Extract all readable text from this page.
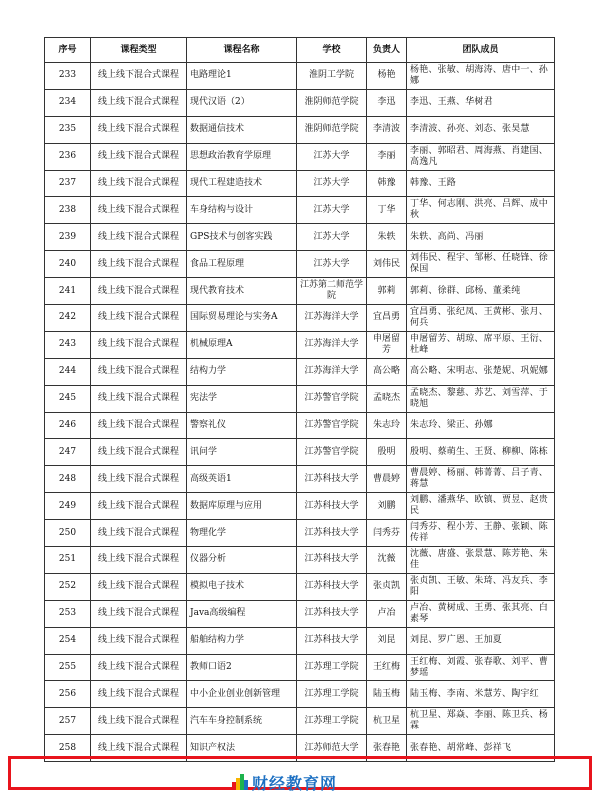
序号	课程类型	课程名称	学校	负责人	团队成员
233	线上线下混合式课程	电路理论1	淮阴工学院	杨艳	杨艳、张敏、胡海涛、唐中一、孙娜
234	线上线下混合式课程	现代汉语（2）	淮阴师范学院	李迅	李迅、王燕、华树君
235	线上线下混合式课程	数据通信技术	淮阴师范学院	李清波	李清波、孙亮、刘态、张昊慧
236	线上线下混合式课程	思想政治教育学原理	江苏大学	李丽	李丽、郭昭君、周海燕、肖建国、高逸凡
237	线上线下混合式课程	现代工程建造技术	江苏大学	韩豫	韩豫、王路
238	线上线下混合式课程	车身结构与设计	江苏大学	丁华	丁华、何志刚、洪亮、吕辉、成中秋
239	线上线下混合式课程	GPS技术与创客实践	江苏大学	朱轶	朱轶、高尚、冯丽
240	线上线下混合式课程	食品工程原理	江苏大学	刘伟民	刘伟民、程宇、邹彬、任晓锋、徐保国
241	线上线下混合式课程	现代教育技术	江苏第二师范学院	郭莉	郭莉、徐群、邱杨、董柔纯
242	线上线下混合式课程	国际贸易理论与实务A	江苏海洋大学	宜昌勇	宜昌勇、张纪凤、王黄彬、张月、何兵
243	线上线下混合式课程	机械原理A	江苏海洋大学	申屠留芳	申屠留芳、胡琼、席平原、王衍、杜峰
244	线上线下混合式课程	结构力学	江苏海洋大学	高公略	高公略、宋明志、张楚妮、巩妮娜
245	线上线下混合式课程	宪法学	江苏警官学院	孟晓杰	孟晓杰、黎慈、苏艺、刘雪萍、于晓旭
246	线上线下混合式课程	警察礼仪	江苏警官学院	朱志玲	朱志玲、梁正、孙娜
247	线上线下混合式课程	讯问学	江苏警官学院	殷明	殷明、蔡萌生、王贤、柳柳、陈栋
248	线上线下混合式课程	高级英语1	江苏科技大学	曹晨婷	曹晨婷、杨丽、韩菁菁、吕子青、蒋慧
249	线上线下混合式课程	数据库原理与应用	江苏科技大学	刘鹏	刘鹏、潘燕华、欧镇、贾昱、赵贵民
250	线上线下混合式课程	物理化学	江苏科技大学	闫秀芬	闫秀芬、程小芳、王静、张颖、陈传祥
251	线上线下混合式课程	仪器分析	江苏科技大学	沈薇	沈薇、唐盛、张景慧、陈芳艳、朱佳
252	线上线下混合式课程	模拟电子技术	江苏科技大学	张贞凯	张贞凯、王敏、朱琦、冯友兵、李阳
253	线上线下混合式课程	Java高级编程	江苏科技大学	卢冶	卢冶、黄树成、王勇、张其亮、白素琴
254	线上线下混合式课程	船舶结构力学	江苏科技大学	刘昆	刘昆、罗广恩、王加夏
255	线上线下混合式课程	教师口语2	江苏理工学院	王红梅	王红梅、刘霞、张春歌、刘平、曹梦瑶
256	线上线下混合式课程	中小企业创业创新管理	江苏理工学院	陆玉梅	陆玉梅、李南、米慧芳、陶宇红
257	线上线下混合式课程	汽车车身控制系统	江苏理工学院	杭卫星	杭卫星、郑焱、李丽、陈卫兵、杨霖
258	线上线下混合式课程	知识产权法	江苏师范大学	张春艳	张春艳、胡常峰、彭祥飞
财经教育网
